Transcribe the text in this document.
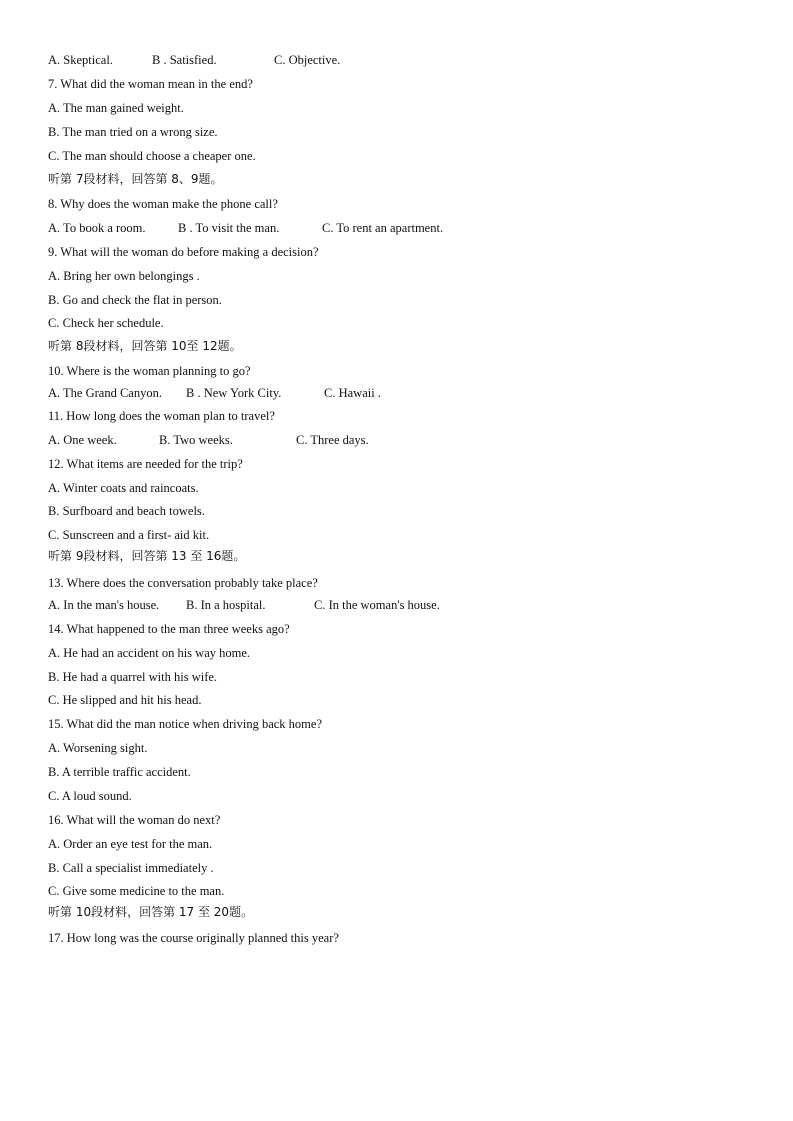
A. Skeptical.	B . Satisfied.	C. Objective.
7. What did the woman mean in the end?
A. The man gained weight.
B. The man tried on a wrong size.
C. The man should choose a cheaper one.
听第 7段材料，回答第 8、9题。
8. Why does the woman make the phone call?
A. To book a room.	B . To visit the man.	C. To rent an apartment.
9. What will the woman do before making a decision?
A. Bring her own belongings .
B. Go and check the flat in person.
C. Check her schedule.
听第 8段材料，回答第 10至 12题。
10. Where is the woman planning to go?
A. The Grand Canyon. B . New York City.	C. Hawaii .
11. How long does the woman plan to travel?
A. One week.	B. Two weeks.	C. Three days.
12. What items are needed for the trip?
A. Winter coats and raincoats.
B. Surfboard and beach towels.
C. Sunscreen and a first- aid kit.
听第 9段材料，回答第 13 至 16题。
13. Where does the conversation probably take place?
A. In the man's house. B. In a hospital.	C. In the woman's house.
14. What happened to the man three weeks ago?
A. He had an accident on his way home.
B. He had a quarrel with his wife.
C. He slipped and hit his head.
15. What did the man notice when driving back home?
A. Worsening sight.
B. A terrible traffic accident.
C. A loud sound.
16. What will the woman do next?
A. Order an eye test for the man.
B. Call a specialist immediately .
C. Give some medicine to the man.
听第 10段材料，回答第 17 至 20题。
17. How long was the course originally planned this year?
